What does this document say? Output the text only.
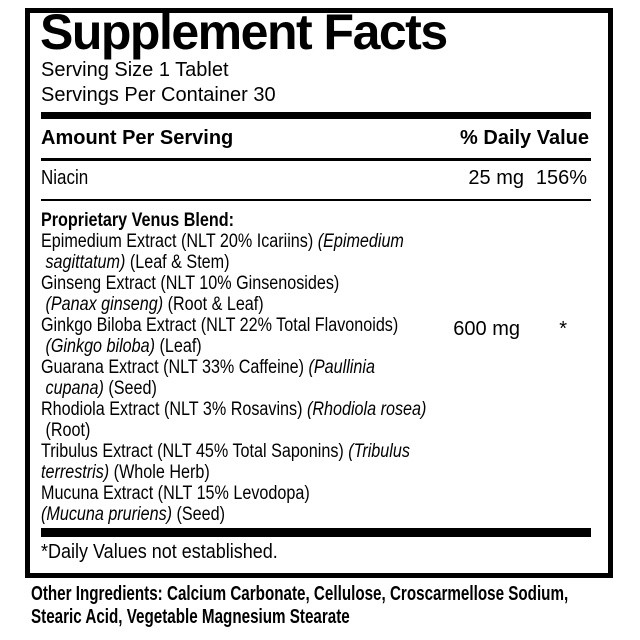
Supplement Facts
Serving Size 1 Tablet
Servings Per Container 30
Amount Per Serving	% Daily Value
Niacin	25 mg 156%
Proprietary Venus Blend:
Epimedium Extract (NLT 20% Icariins) (Epimedium
sagittatum) (Leaf & Stem)
Ginseng Extract (NLT 10% Ginsenosides)
(Panax ginseng) (Root & Leaf)
Ginkgo Biloba Extract (NLT 22% Total Flavonoids)
(Ginkgo biloba) (Leaf)
Guarana Extract (NLT 33% Caffeine) (Paullinia
cupana) (Seed)
Rhodiola Extract (NLT 3% Rosavins) (Rhodiola rosea)
(Root)
Tribulus Extract (NLT 45% Total Saponins) (Tribulus
terrestris) (Whole Herb)
Mucuna Extract (NLT 15% Levodopa)
(Mucuna pruriens) (Seed)
600 mg *
*Daily Values not established.
Other Ingredients: Calcium Carbonate, Cellulose, Croscarmellose Sodium,
Stearic Acid, Vegetable Magnesium Stearate
